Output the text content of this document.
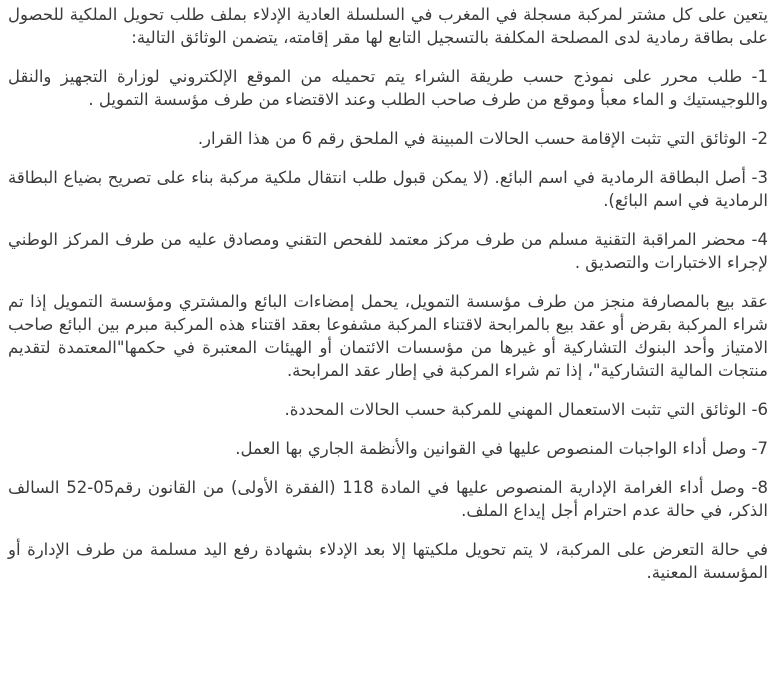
يتعين على كل مشتر لمركبة مسجلة في المغرب في السلسلة العادية الإدلاء بملف طلب تحويل الملكية للحصول على بطاقة رمادية لدى المصلحة المكلفة بالتسجيل التابع لها مقر إقامته، يتضمن الوثائق التالية:

1- طلب محرر على نموذج حسب طريقة الشراء يتم تحميله من الموقع الإلكتروني لوزارة التجهيز والنقل واللوجيستيك و الماء معبأ وموقع من طرف صاحب الطلب وعند الاقتضاء من طرف مؤسسة التمويل .

2- الوثائق التي تثبت الإقامة حسب الحالات المبينة في الملحق رقم 6 من هذا القرار.

3- أصل البطاقة الرمادية في اسم البائع. (لا يمكن قبول طلب انتقال ملكية مركبة بناء على تصريح بضياع البطاقة الرمادية في اسم البائع).

4- محضر المراقبة التقنية مسلم من طرف مركز معتمد للفحص التقني ومصادق عليه من طرف المركز الوطني لإجراء الاختبارات والتصديق .

عقد بيع بالمصارفة منجز من طرف مؤسسة التمويل، يحمل إمضاءات البائع والمشتري ومؤسسة التمويل إذا تم شراء المركبة بقرض أو عقد بيع بالمرابحة لاقتناء المركبة مشفوعا بعقد اقتناء هذه المركبة مبرم بين البائع صاحب الامتياز وأحد البنوك التشاركية أو غيرها من مؤسسات الائتمان أو الهيئات المعتبرة في حكمها"المعتمدة لتقديم منتجات المالية التشاركية"، إذا تم شراء المركبة في إطار عقد المرابحة.

6- الوثائق التي تثبت الاستعمال المهني للمركبة حسب الحالات المحددة.

7- وصل أداء الواجبات المنصوص عليها في القوانين والأنظمة الجاري بها العمل.

8- وصل أداء الغرامة الإدارية المنصوص عليها في المادة 118 (الفقرة الأولى) من القانون رقم05-52 السالف الذكر، في حالة عدم احترام أجل إيداع الملف.

في حالة التعرض على المركبة، لا يتم تحويل ملكيتها إلا بعد الإدلاء بشهادة رفع اليد مسلمة من طرف الإدارة أو المؤسسة المعنية.
